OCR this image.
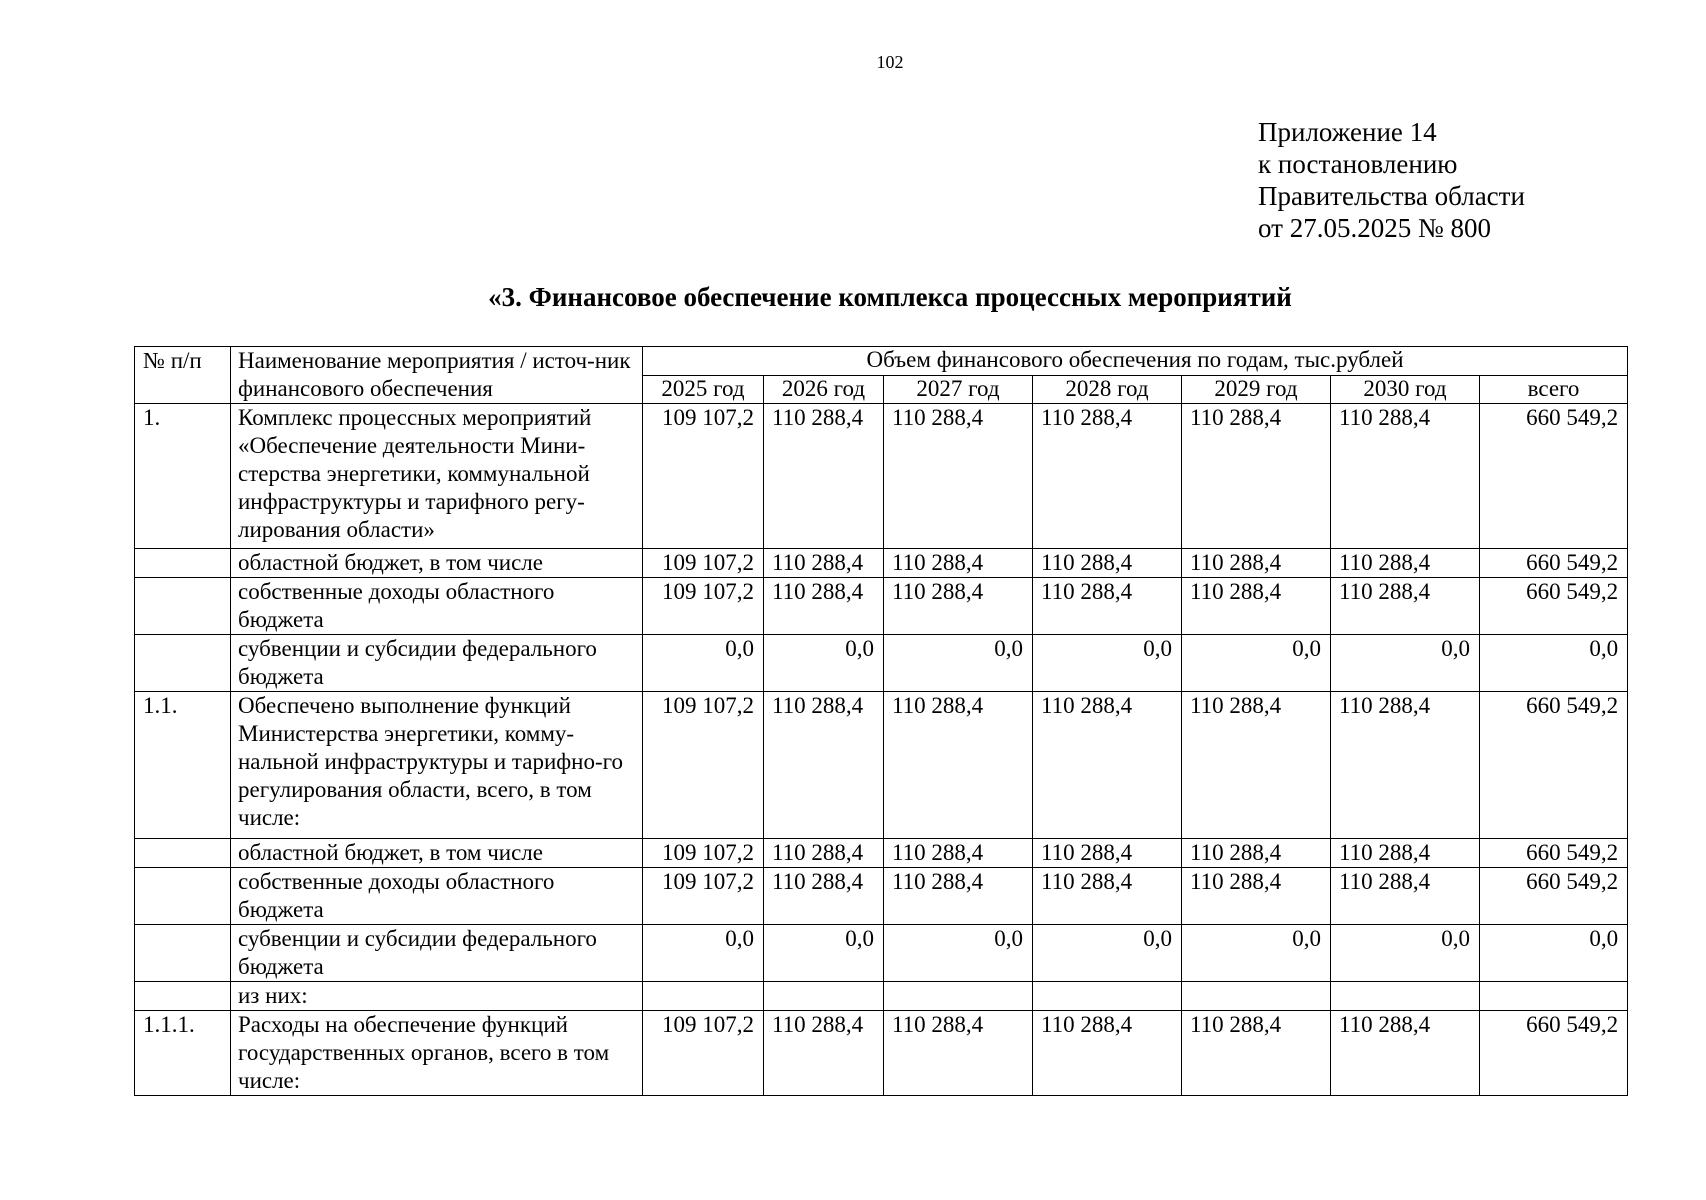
102
Приложение 14
к постановлению
Правительства области
от 27.05.2025 № 800
«3. Финансовое обеспечение комплекса процессных мероприятий
№ п/п	Наименование мероприятия / источ-ник финансового обеспечения	Объем финансового обеспечения по годам, тыс.рублей						
		2025 год	2026 год	2027 год	2028 год	2029 год	2030 год	всего
1.	Комплекс процессных мероприятий «Обеспечение деятельности Мини-стерства энергетики, коммунальной инфраструктуры и тарифного регу-лирования области»	109 107,2	110 288,4	110 288,4	110 288,4	110 288,4	110 288,4	660 549,2
	областной бюджет, в том числе	109 107,2	110 288,4	110 288,4	110 288,4	110 288,4	110 288,4	660 549,2
	собственные доходы областного бюджета	109 107,2	110 288,4	110 288,4	110 288,4	110 288,4	110 288,4	660 549,2
	субвенции и субсидии федерального бюджета	0,0	0,0	0,0	0,0	0,0	0,0	0,0
1.1.	Обеспечено выполнение функций Министерства энергетики, комму-нальной инфраструктуры и тарифно-го регулирования области, всего, в том числе:	109 107,2	110 288,4	110 288,4	110 288,4	110 288,4	110 288,4	660 549,2
	областной бюджет, в том числе	109 107,2	110 288,4	110 288,4	110 288,4	110 288,4	110 288,4	660 549,2
	собственные доходы областного бюджета	109 107,2	110 288,4	110 288,4	110 288,4	110 288,4	110 288,4	660 549,2
	субвенции и субсидии федерального бюджета	0,0	0,0	0,0	0,0	0,0	0,0	0,0
	из них:							
1.1.1.	Расходы на обеспечение функций государственных органов, всего в том числе:	109 107,2	110 288,4	110 288,4	110 288,4	110 288,4	110 288,4	660 549,2
